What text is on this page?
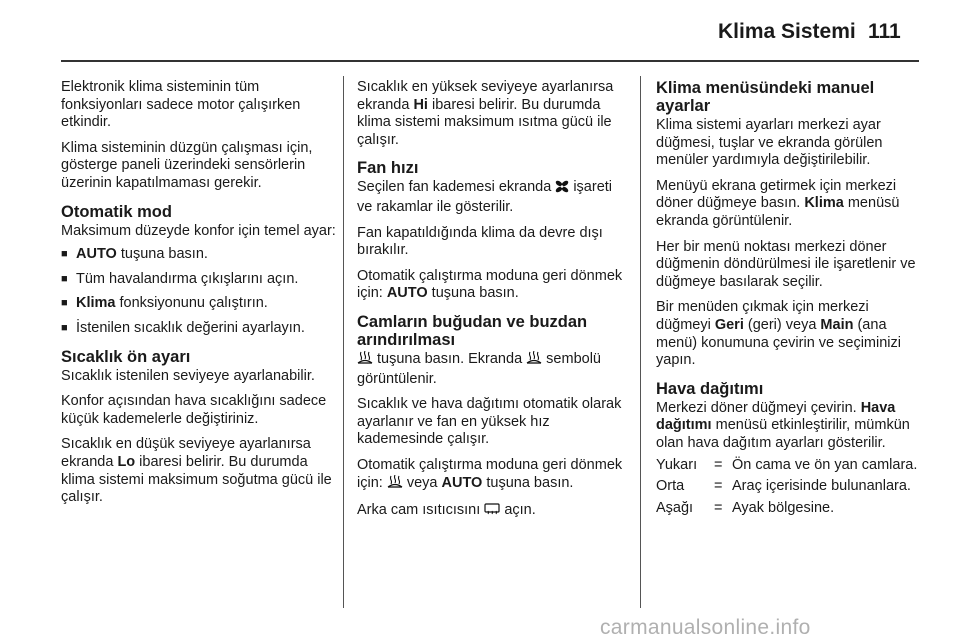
Klima Sistemi 111

Elektronik klima sisteminin tüm fonksiyonları sadece motor çalışırken etkindir.

Klima sisteminin düzgün çalışması için, gösterge paneli üzerindeki sensörlerin üzerinin kapatılmaması gerekir.

Otomatik mod

Maksimum düzeyde konfor için temel ayar:

■ AUTO tuşuna basın.
■ Tüm havalandırma çıkışlarını açın.
■ Klima fonksiyonunu çalıştırın.
■ İstenilen sıcaklık değerini ayarlayın.
Sıcaklık ön ayarı

Sıcaklık istenilen seviyeye ayarlanabilir.

Konfor açısından hava sıcaklığını sadece küçük kademelerle değiştiriniz.

Sıcaklık en düşük seviyeye ayarlanırsa ekranda Lo ibaresi belirir. Bu durumda klima sistemi maksimum soğutma gücü ile çalışır.

Sıcaklık en yüksek seviyeye ayarlanırsa ekranda Hi ibaresi belirir. Bu durumda klima sistemi maksimum ısıtma gücü ile çalışır.

Fan hızı

Seçilen fan kademesi ekranda  işareti ve rakamlar ile gösterilir.

Fan kapatıldığında klima da devre dışı bırakılır.

Otomatik çalıştırma moduna geri dönmek için: AUTO tuşuna basın.

Camların buğudan ve buzdan arındırılması

tuşuna basın. Ekranda  sembolü görüntülenir.

Sıcaklık ve hava dağıtımı otomatik olarak ayarlanır ve fan en yüksek hız kademesinde çalışır.

Otomatik çalıştırma moduna geri dönmek için:  veya AUTO tuşuna basın.

Arka cam ısıtıcısını  açın.

Klima menüsündeki manuel ayarlar

Klima sistemi ayarları merkezi ayar düğmesi, tuşlar ve ekranda görülen menüler yardımıyla değiştirilebilir.

Menüyü ekrana getirmek için merkezi döner düğmeye basın. Klima menüsü ekranda görüntülenir.

Her bir menü noktası merkezi döner düğmenin döndürülmesi ile işaretlenir ve düğmeye basılarak seçilir.

Bir menüden çıkmak için merkezi düğmeyi Geri (geri) veya Main (ana menü) konumuna çevirin ve seçiminizi yapın.

Hava dağıtımı

Merkezi döner düğmeyi çevirin. Hava dağıtımı menüsü etkinleştirilir, mümkün olan hava dağıtım ayarları gösterilir.

Yukarı	=	Ön cama ve ön yan camlara.
Orta	=	Araç içerisinde bulunanlara.
Aşağı	=	Ayak bölgesine.
carmanualsonline.info
